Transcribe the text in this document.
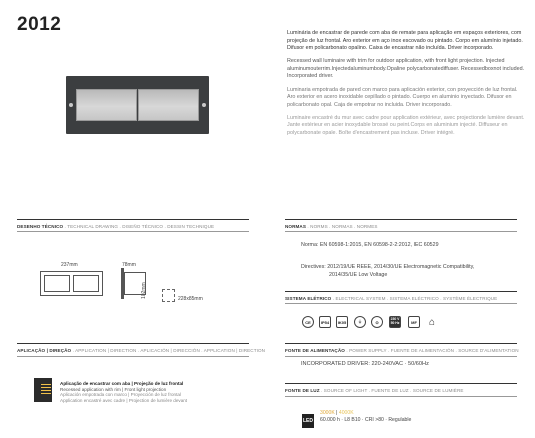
2012	Luminária de encastrar de parede com aba de remate para aplicação em espaços exteriores, com projeção de luz frontal. Aro exterior em aço inox escovado ou pintado. Corpo em alumínio injetado. Difusor em policarbonato opalino. Caixa de encastrar não incluída. Driver incorporado.

Recessed wall luminaire with trim for outdoor application, with front light projection. Injected aluminumouterrim.Injectedaluminumbody.Opaline polycarbonatediffuser. Recessedboxnot included. Incorporated driver.

Luminaria empotrada de pared con marco para aplicación exterior, con proyección de luz frontal. Aro exterior en acero inoxidable cepillado o pintado. Cuerpo en aluminio inyectado. Difusor en policarbonato opal. Caja de empotrar no incluida. Driver incorporado.

Luminaire encastré du mur avec cadre pour application extérieur, avec projectionde lumière devant. Jante extérieur en acier inoxydable brossé ou peint.Corps en aluminium injecté. Diffuseur en polycarbonate opale. Boîte d'encastrement pas incluse. Driver intégré.

DESENHO TÉCNICO . TECHNICAL DRAWING . DISEÑO TÉCNICO . DESSIN TECHNIQUE
237mm	78mm
102mm	228x85mm
NORMAS . NORMS . NORMAS . NORMES
Norma: EN 60598-1:2015, EN 60598-2-2:2012, IEC 60529
Directives: 2012/19/UE REEE, 2014/30/UE Electromagnetic Compatibility,
2014/35/UE Low Voltage
SISTEMA ELÉTRICO . ELECTRICAL SYSTEM . SISTEMA ELÉCTRICO . SYSTÈME ÉLECTRIQUE
CE	IP54	IK05	⏚	⊙
230 V
50 Hz	MF	⌂
APLICAÇÃO | DIREÇÃO . APPLICATION | DIRECTION . APLICACIÓN | DIRECCIÓN . APPLICATION | DIRECTION
Aplicação de encastrar com aba | Projeção de luz frontal
Recessed application with rim | Front light projection
Aplicación empotrada con marco | Proyección de luz frontal
Application encastré avec cadre | Projection de lumière devant
FONTE DE ALIMENTAÇÃO . POWER SUPPLY . FUENTE DE ALIMENTACIÓN . SOURCE D'ALIMENTATION
INCORPORATED DRIVER: 220-240VAC · 50/60Hz
FONTE DE LUZ . SOURCE OF LIGHT . FUENTE DE LUZ . SOURCE DE LUMIÈRE
LED
3000K | 4000K
60.000 h · L8 B10 · CRI >80 · Regulable
